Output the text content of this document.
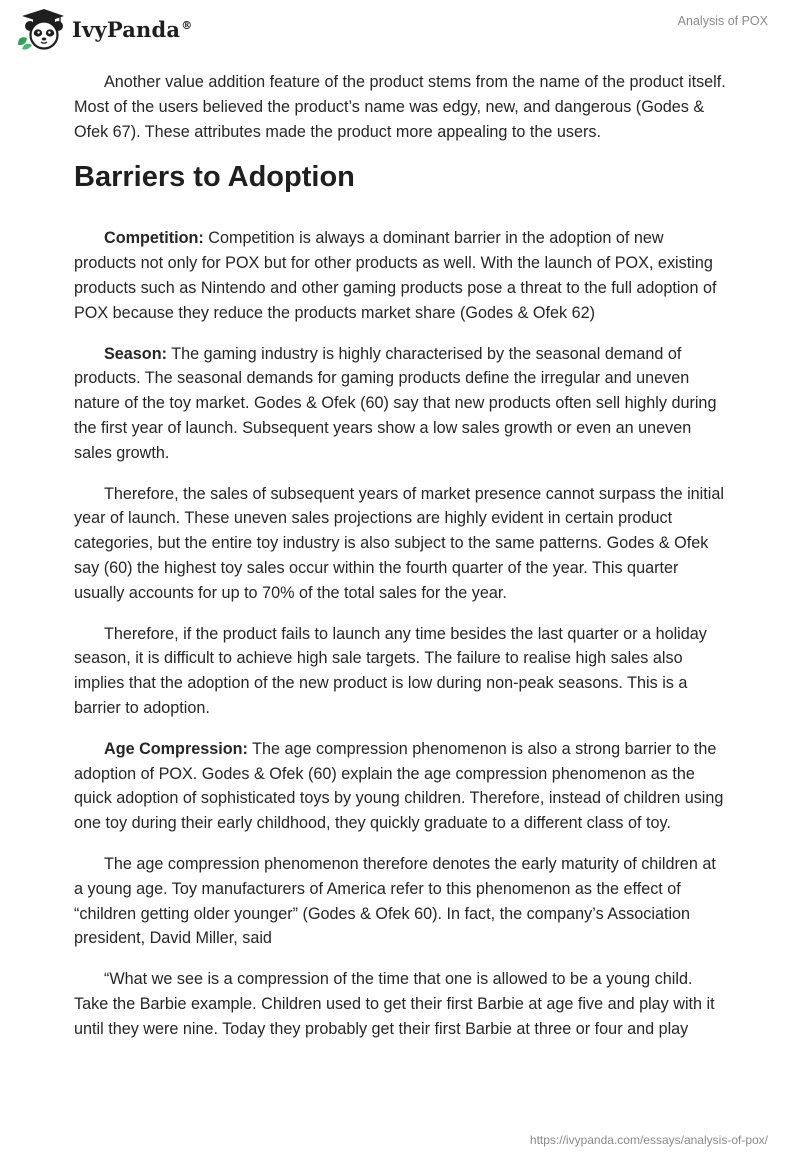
IvyPanda®	Analysis of POX

Another value addition feature of the product stems from the name of the product itself. Most of the users believed the product’s name was edgy, new, and dangerous (Godes & Ofek 67). These attributes made the product more appealing to the users.

Barriers to Adoption

Competition: Competition is always a dominant barrier in the adoption of new products not only for POX but for other products as well. With the launch of POX, existing products such as Nintendo and other gaming products pose a threat to the full adoption of POX because they reduce the products market share (Godes & Ofek 62)

Season: The gaming industry is highly characterised by the seasonal demand of products. The seasonal demands for gaming products define the irregular and uneven nature of the toy market. Godes & Ofek (60) say that new products often sell highly during the first year of launch. Subsequent years show a low sales growth or even an uneven sales growth.

Therefore, the sales of subsequent years of market presence cannot surpass the initial year of launch. These uneven sales projections are highly evident in certain product categories, but the entire toy industry is also subject to the same patterns. Godes & Ofek say (60) the highest toy sales occur within the fourth quarter of the year. This quarter usually accounts for up to 70% of the total sales for the year.

Therefore, if the product fails to launch any time besides the last quarter or a holiday season, it is difficult to achieve high sale targets. The failure to realise high sales also implies that the adoption of the new product is low during non-peak seasons. This is a barrier to adoption.

Age Compression: The age compression phenomenon is also a strong barrier to the adoption of POX. Godes & Ofek (60) explain the age compression phenomenon as the quick adoption of sophisticated toys by young children. Therefore, instead of children using one toy during their early childhood, they quickly graduate to a different class of toy.

The age compression phenomenon therefore denotes the early maturity of children at a young age. Toy manufacturers of America refer to this phenomenon as the effect of “children getting older younger” (Godes & Ofek 60). In fact, the company’s Association president, David Miller, said

“What we see is a compression of the time that one is allowed to be a young child. Take the Barbie example. Children used to get their first Barbie at age five and play with it until they were nine. Today they probably get their first Barbie at three or four and play

https://ivypanda.com/essays/analysis-of-pox/
